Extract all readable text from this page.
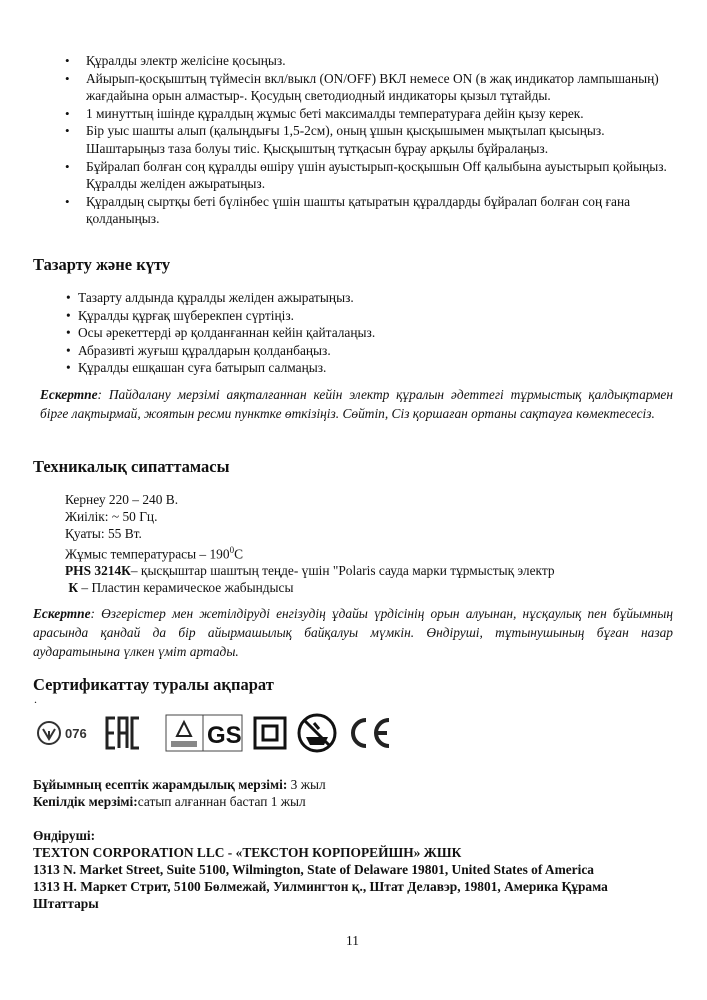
• Құралды электр желісіне қосыңыз.
• Айырып-қосқыштың түймесін вкл/выкл (ON/OFF) ВКЛ немесе ON (в жақ индикатор лампышаның) жағдайына орын алмастыр-. Қосудың светодиодный индикаторы қызыл тұтайды.
• 1 минуттың ішінде құралдың жұмыс беті максималды температураға дейін қызу керек.
• Бір уыс шашты алып (қалыңдығы 1,5-2см), оның ұшын қысқышымен мықтылап қысыңыз. Шаштарыңыз таза болуы тиіс. Қысқыштың тұтқасын бұрау арқылы бұйралаңыз.
• Бұйралап болған соң құралды өшіру үшін ауыстырып-қосқышын Off қалыбына ауыстырып қойыңыз. Құралды желіден ажыратыңыз.
• Құралдың сыртқы беті бүлінбес үшін шашты қатыратын құралдарды бұйралап болған соң ғана қолданыңыз.
Тазарту және күту
• Тазарту алдында құралды желіден ажыратыңыз.
• Құралды құрғақ шүберекпен сүртіңіз.
• Осы әрекеттерді әр қолданғаннан кейін қайталаңыз.
• Абразивті жуғыш құралдарын қолданбаңыз.
• Құралды ешқашан суға батырып салмаңыз.
Ескертпе: Пайдалану мерзімі аяқталғаннан кейін электр құралын әдеттегі тұрмыстық қалдықтармен бірге лақтырмай, жоятын ресми пунктке өткізіңіз. Сөйтіп, Сіз қоршаған ортаны сақтауға көмектесесіз.
Техникалық сипаттамасы
Кернеу 220 – 240 В.
Жиілік: ~ 50 Гц.
Қуаты: 55 Вт.
Жұмыс температурасы – $190^0С$
PHS 3214К– қысқыштар шаштың теңде- үшін "Polaris сауда марки тұрмыстық электр
К – Пластин керамическое жабындысы
Ескертпе: Өзгерістер мен жетілдіруді енгізудің ұдайы үрдісінің орын алуынан, нұсқаулық пен бұйымның арасында қандай да бір айырмашылық байқалуы мүмкін. Өндіруші, тұтынушының бұған назар аударатынына үлкен үміт артады.
Сертификаттау туралы ақпарат
.
076	GS
Бұйымның есептік жарамдылық мерзімі: 3 жыл
Кепілдік мерзімі:сатып алғаннан бастап 1 жыл
Өндіруші:
TEXTON CORPORATION LLC - «ТЕКСТОН КОРПОРЕЙШН» ЖШК
1313 N. Market Street, Suite 5100, Wilmington, State of Delaware 19801, United States of America
1313 Н. Маркет Стрит, 5100 Бөлмежай, Уилмингтон қ., Штат Делавэр, 19801, Америка Құрама Штаттары
11
